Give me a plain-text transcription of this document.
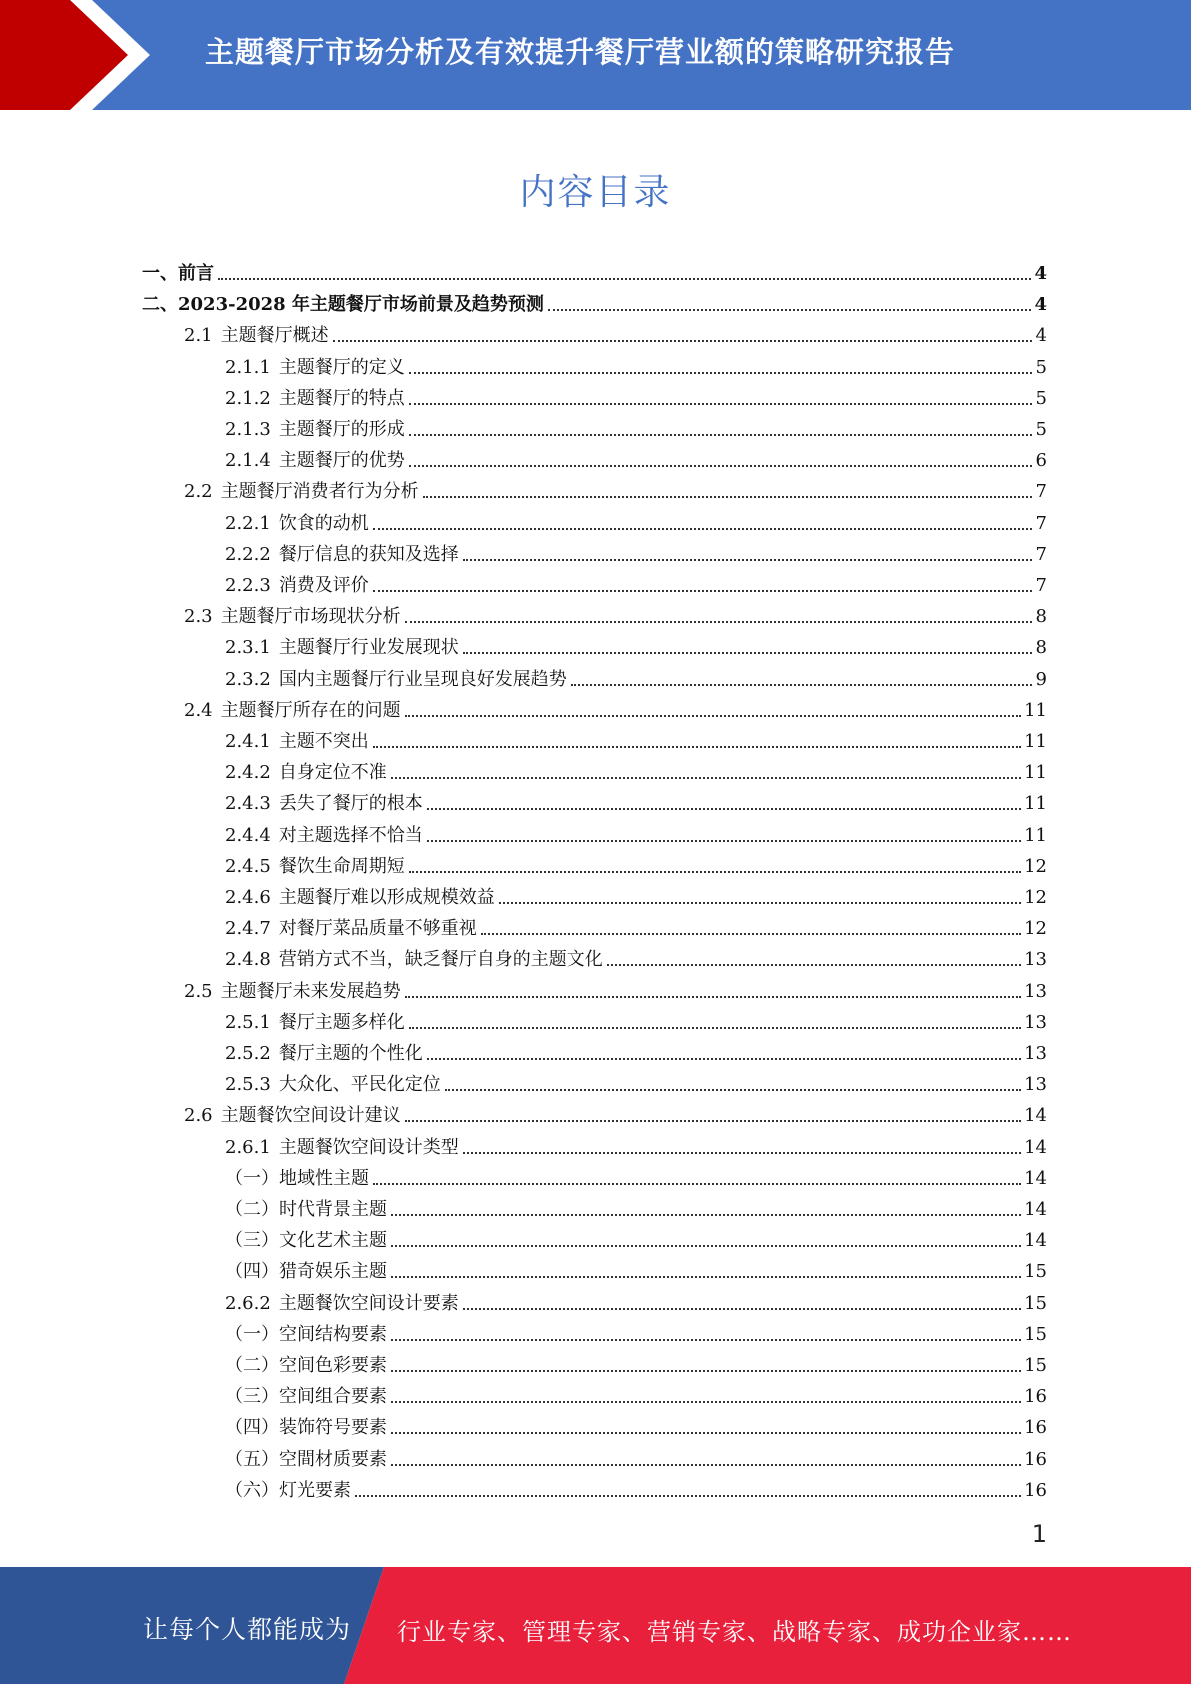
主题餐厅市场分析及有效提升餐厅营业额的策略研究报告
内容目录
一、前言	4
二、2023-2028 年主题餐厅市场前景及趋势预测	4
2.1 主题餐厅概述	4
2.1.1 主题餐厅的定义	5
2.1.2 主题餐厅的特点	5
2.1.3 主题餐厅的形成	5
2.1.4 主题餐厅的优势	6
2.2 主题餐厅消费者行为分析	7
2.2.1 饮食的动机	7
2.2.2 餐厅信息的获知及选择	7
2.2.3 消费及评价	7
2.3 主题餐厅市场现状分析	8
2.3.1 主题餐厅行业发展现状	8
2.3.2 国内主题餐厅行业呈现良好发展趋势	9
2.4 主题餐厅所存在的问题	11
2.4.1 主题不突出	11
2.4.2 自身定位不准	11
2.4.3 丢失了餐厅的根本	11
2.4.4 对主题选择不恰当	11
2.4.5 餐饮生命周期短	12
2.4.6 主题餐厅难以形成规模效益	12
2.4.7 对餐厅菜品质量不够重视	12
2.4.8 营销方式不当，缺乏餐厅自身的主题文化	13
2.5 主题餐厅未来发展趋势	13
2.5.1 餐厅主题多样化	13
2.5.2 餐厅主题的个性化	13
2.5.3 大众化、平民化定位	13
2.6 主题餐饮空间设计建议	14
2.6.1 主题餐饮空间设计类型	14
（一） 地域性主题	14
（二） 时代背景主题	14
（三） 文化艺术主题	14
（四） 猎奇娱乐主题	15
2.6.2 主题餐饮空间设计要素	15
（一） 空间结构要素	15
（二） 空间色彩要素	15
（三） 空间组合要素	16
（四） 装饰符号要素	16
（五） 空間材质要素	16
（六） 灯光要素	16
1
让每个人都能成为 行业专家、管理专家、营销专家、战略专家、成功企业家……
